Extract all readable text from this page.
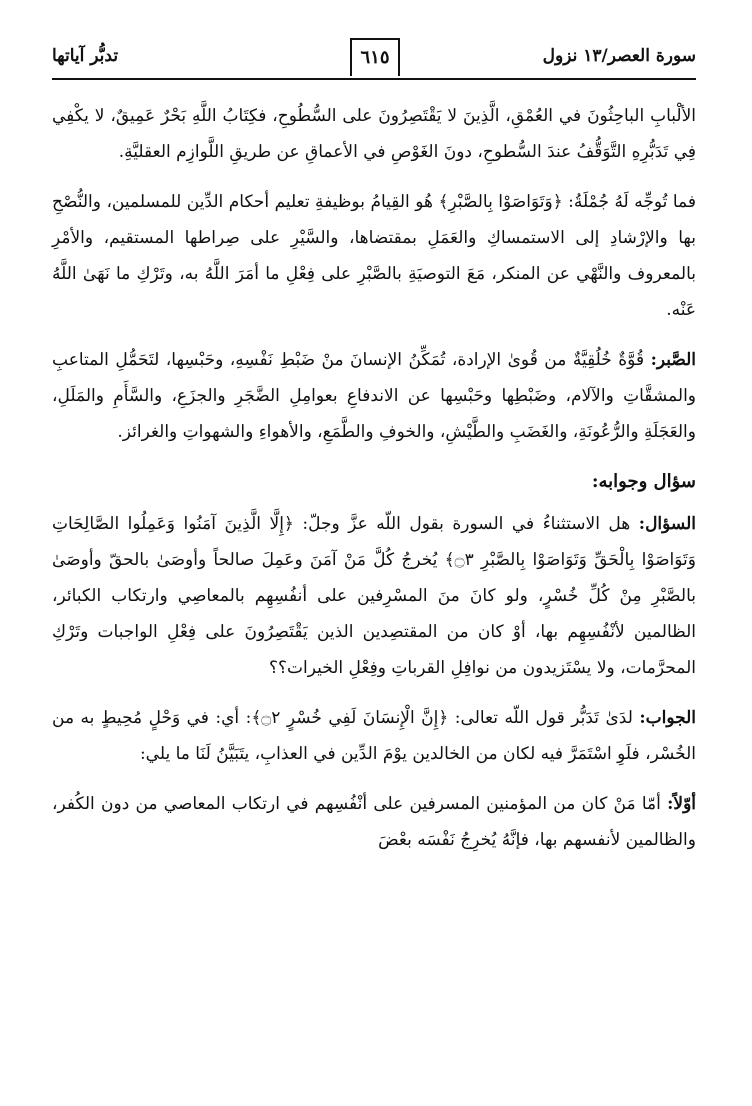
سورة العصر/١٣ نزول
٦١٥
تدبُّر آياتها

الألْبابِ الباحِثُونَ في العُمْقِ، الَّذِينَ لا يَقْتَصِرُونَ على السُّطُوحِ، فكِتَابُ اللَّهِ بَحْرٌ عَمِيقٌ، لا يكْفِي فِي تَدَبُّرِهِ التَّوَقُّفُ عندَ السُّطوحِ، دونَ الغَوْصِ في الأعماقِ عن طريقِ اللَّوازِم العقليَّةِ.

فما تُوجِّه لَهُ جُمْلَةُ: ﴿وَتَوَاصَوْا بِالصَّبْرِ﴾ هُو القِيامُ بوظيفةِ تعليم أحكام الدِّين للمسلمين، والنُّصْحِ بها والإرْشادِ إلى الاستمساكِ والعَمَلِ بمقتضاها، والسَّيْرِ على صِراطها المستقيم، والأمْرِ بالمعروف والنَّهْي عن المنكر، مَعَ التوصيَةِ بالصَّبْرِ على فِعْلِ ما أمَرَ اللَّهُ به، وتَرْكِ ما نَهَىٰ اللَّهُ عَنْه.

الصَّبر: قُوَّةٌ خُلُقِيَّةٌ من قُوىٰ الإرادة، تُمَكِّنُ الإنسانَ منْ ضَبْطِ نَفْسِهِ، وحَبْسِها، لتَحَمُّلِ المتاعبِ والمشقَّاتِ والآلام، وضَبْطِها وحَبْسِها عن الاندفاعِ بعوامِلِ الضَّجَرِ والجزَعِ، والسَّأَمِ والمَلَلِ، والعَجَلَةِ والرُّعُونَةِ، والغَضَبِ والطَّيْشِ، والخوفِ والطَّمَعِ، والأهواءِ والشهواتِ والغرائز.

سؤال وجوابه:

السؤال: هل الاستثناءُ في السورة بقول اللّه عزَّ وجلّ: ﴿إِلَّا الَّذِينَ آمَنُوا وَعَمِلُوا الصَّالِحَاتِ وَتَوَاصَوْا بِالْحَقِّ وَتَوَاصَوْا بِالصَّبْرِ ۝٣﴾ يُخرجُ كُلَّ مَنْ آمَنَ وعَمِلَ صالحاً وأوصَىٰ بالحقّ وأوصَىٰ بالصَّبْرِ مِنْ كُلِّ خُسْرٍ، ولو كانَ منَ المسْرِفين على أنفُسِهِم بالمعاصِي وارتكاب الكبائر، الظالمين لأنْفُسِهِم بها، أوْ كان من المقتصِدين الذين يَقْتَصِرُونَ على فِعْلِ الواجبات وتَرْكِ المحرَّمات، ولا يسْتَزيدون من نوافِلِ القرباتِ وفِعْلِ الخيرات؟؟

الجواب: لدَىٰ تَدَبُّر قول اللّه تعالى: ﴿إِنَّ الْإِنسَانَ لَفِي خُسْرٍ ۝٢﴾: أي: في وَحْلٍ مُحِيطٍ به من الخُسْر، فلَوِ اسْتَمَرَّ فيه لكان من الخالدين يوْمَ الدِّين في العذابِ، يتَبَيَّنُ لَنَا ما يلي:

أوّلاً: أمّا مَنْ كان من المؤمنين المسرفين على أنْفُسِهم في ارتكاب المعاصي من دون الكُفر، والظالمين لأنفسهم بها، فإنَّهُ يُخرِجُ نَفْسَه بعْضَ
